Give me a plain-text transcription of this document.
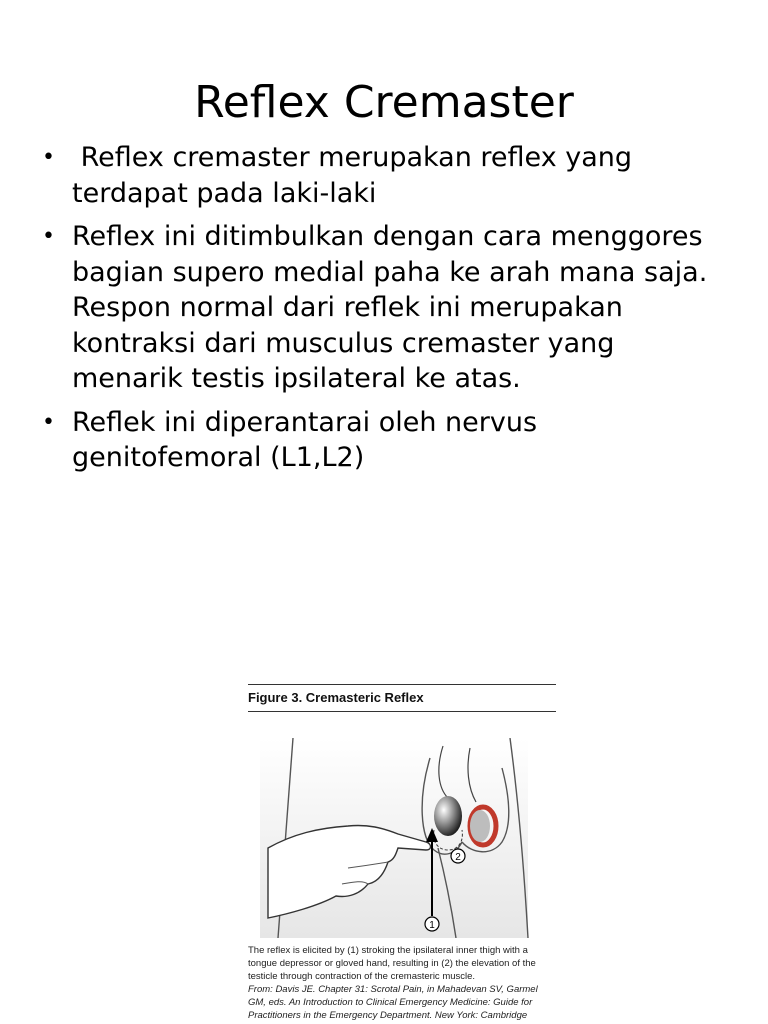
Reflex Cremaster
• Reflex cremaster merupakan reflex yang terdapat pada laki-laki
• Reflex ini ditimbulkan dengan cara menggores bagian supero medial paha ke arah mana saja. Respon normal dari reflek ini merupakan kontraksi dari musculus cremaster yang menarik testis ipsilateral ke atas.
• Reflek ini diperantarai oleh nervus genitofemoral (L1,L2)
Figure 3. Cremasteric Reflex
1
2
The reflex is elicited by (1) stroking the ipsilateral inner thigh with a tongue depressor or gloved hand, resulting in (2) the elevation of the testicle through contraction of the cremasteric muscle.
From: Davis JE. Chapter 31: Scrotal Pain, in Mahadevan SV, Garmel GM, eds. An Introduction to Clinical Emergency Medicine: Guide for Practitioners in the Emergency Department. New York: Cambridge
